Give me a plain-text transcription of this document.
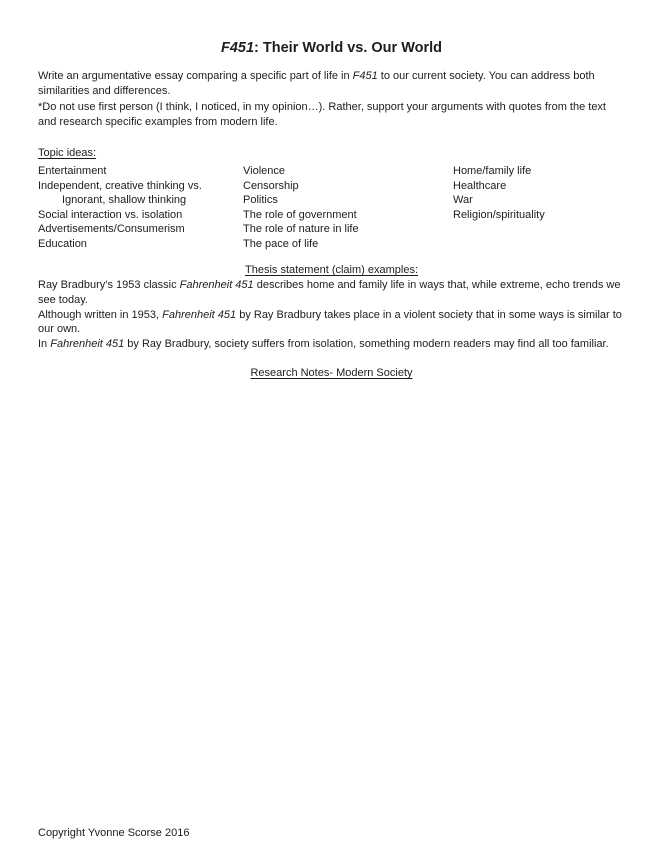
F451: Their World vs. Our World

Write an argumentative essay comparing a specific part of life in F451 to our current society. You can address both
similarities and differences.

*Do not use first person (I think, I noticed, in my opinion…). Rather, support your arguments with quotes from the text
and research specific examples from modern life.

Topic ideas:
Entertainment
Independent, creative thinking vs.
Ignorant, shallow thinking
Social interaction vs. isolation
Advertisements/Consumerism
Education
Violence
Censorship
Politics
The role of government
The role of nature in life
The pace of life
Home/family life
Healthcare
War
Religion/spirituality
Thesis statement (claim) examples:
Ray Bradbury’s 1953 classic Fahrenheit 451 describes home and family life in ways that, while extreme, echo trends we
see today.
Although written in 1953, Fahrenheit 451 by Ray Bradbury takes place in a violent society that in some ways is similar to
our own.
In Fahrenheit 451 by Ray Bradbury, society suffers from isolation, something modern readers may find all too familiar.
Research Notes- Modern Society
Copyright Yvonne Scorse 2016
